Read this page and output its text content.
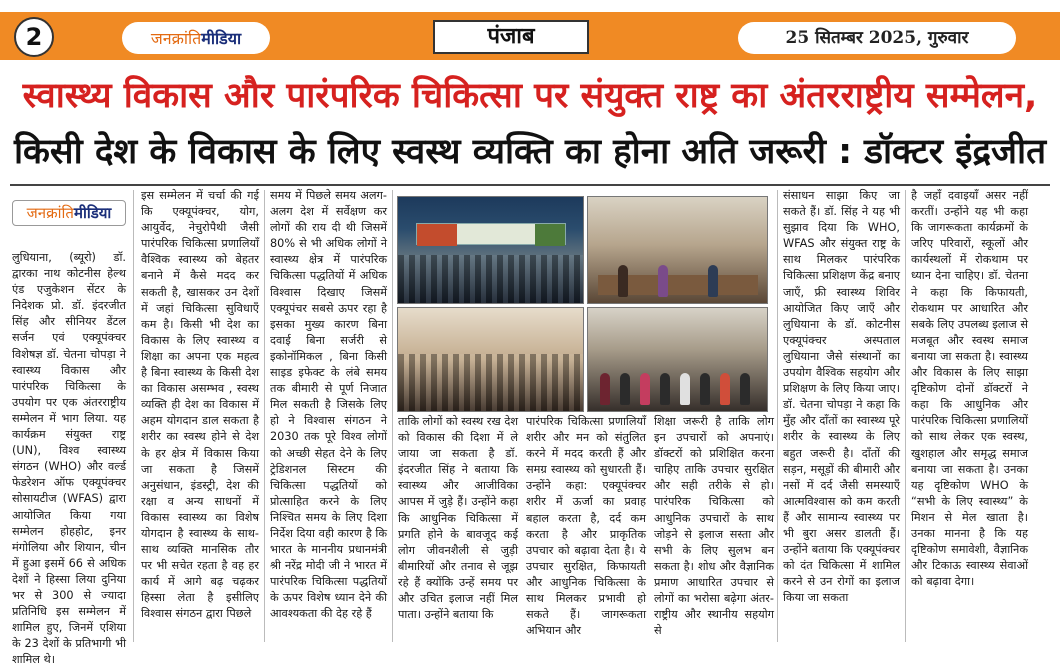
2	जनक्रांति मीडिया	पंजाब	25 सितम्बर 2025, गुरुवार
स्वास्थ्य विकास और पारंपरिक चिकित्सा पर संयुक्त राष्ट्र का अंतरराष्ट्रीय सम्मेलन,
किसी देश के विकास के लिए स्वस्थ व्यक्ति का होना अति जरूरी : डॉक्टर इंद्रजीत
जनक्रांति मीडिया

लुधियाना, (ब्यूरो) डॉ. द्वारका नाथ कोटनीस हेल्थ एंड एजुकेशन सेंटर के निदेशक प्रो. डॉ. इंदरजीत सिंह और सीनियर डेंटल सर्जन एवं एक्यूपंक्चर विशेषज्ञ डॉ. चेतना चोपड़ा ने स्वास्थ्य विकास और पारंपरिक चिकित्सा के उपयोग पर एक अंतरराष्ट्रीय सम्मेलन में भाग लिया. यह कार्यक्रम संयुक्त राष्ट्र (UN), विश्व स्वास्थ्य संगठन (WHO) और वर्ल्ड फेडरेशन ऑफ एक्यूपंक्चर सोसायटीज (WFAS) द्वारा आयोजित किया गया सम्मेलन होहहोट, इनर मंगोलिया और शियान, चीन में हुआ इसमें 66 से अधिक देशों ने हिस्सा लिया दुनिया भर से 300 से ज्यादा प्रतिनिधि इस सम्मेलन में शामिल हुए, जिनमें एशिया के 23 देशों के प्रतिभागी भी शामिल थे।

इस सम्मेलन में चर्चा की गई कि एक्यूपंक्चर, योग, आयुर्वेद, नेचुरोपैथी जैसी पारंपरिक चिकित्सा प्रणालियाँ वैश्विक स्वास्थ्य को बेहतर बनाने में कैसे मदद कर सकती है, खासकर उन देशों में जहां चिकित्सा सुविधाएँ कम है। किसी भी देश का विकास के लिए स्वास्थ्य व शिक्षा का अपना एक महत्व है बिना स्वास्थ्य के किसी देश का विकास असम्भव , स्वस्थ व्यक्ति ही देश का विकास में अहम योगदान डाल सकता है शरीर का स्वस्थ होने से देश के हर क्षेत्र में विकास किया जा सकता है जिसमें अनुसंधान, इंडस्ट्री, देश की रक्षा व अन्य साधनों में विकास स्वास्थ्य का विशेष योगदान है स्वास्थ्य के साथ-साथ व्यक्ति मानसिक तौर पर भी सचेत रहता है वह हर कार्य में आगे बढ़ चढ़कर हिस्सा लेता है इसीलिए विश्वास संगठन द्वारा पिछले

समय में पिछले समय अलग-अलग देश में सर्वेक्षण कर लोगों की राय दी थी जिसमें 80% से भी अधिक लोगों ने स्वास्थ्य क्षेत्र में पारंपरिक चिकित्सा पद्धतियों में अधिक विश्वास दिखाए जिसमें एक्यूपंचर सबसे ऊपर रहा है इसका मुख्य कारण बिना दवाई बिना सर्जरी से इकोनॉमिकल , बिना किसी साइड इफेक्ट के लंबे समय तक बीमारी से पूर्ण निजात मिल सकती है जिसके लिए हो ने विश्वास संगठन ने 2030 तक पूरे विश्व लोगों को अच्छी सेहत देने के लिए ट्रेडिशनल सिस्टम की चिकित्सा पद्धतियों को प्रोत्साहित करने के लिए निश्चित समय के लिए दिशा निर्देश दिया वही कारण है कि भारत के माननीय प्रधानमंत्री श्री नरेंद्र मोदी जी ने भारत में पारंपरिक चिकित्सा पद्धतियों के ऊपर विशेष ध्यान देने की आवश्यकता की देह रहे हैं

ताकि लोगों को स्वस्थ रख देश को विकास की दिशा में ले जाया जा सकता है डॉ. इंदरजीत सिंह ने बताया कि स्वास्थ्य और आजीविका आपस में जुड़े हैं। उन्होंने कहा कि आधुनिक चिकित्सा में प्रगति होने के बावजूद कई लोग जीवनशैली से जुड़ी बीमारियों और तनाव से जूझ रहे हैं क्योंकि उन्हें समय पर और उचित इलाज नहीं मिल पाता। उन्होंने बताया कि

पारंपरिक चिकित्सा प्रणालियाँ शरीर और मन को संतुलित करने में मदद करती हैं और समग्र स्वास्थ्य को सुधारती हैं। उन्होंने कहा: एक्यूपंक्चर शरीर में ऊर्जा का प्रवाह बहाल करता है, दर्द कम करता है और प्राकृतिक उपचार को बढ़ावा देता है। ये उपचार सुरक्षित, किफायती और आधुनिक चिकित्सा के साथ मिलकर प्रभावी हो सकते हैं। जागरूकता अभियान और

शिक्षा जरूरी है ताकि लोग इन उपचारों को अपनाएं। डॉक्टरों को प्रशिक्षित करना चाहिए ताकि उपचार सुरक्षित और सही तरीके से हो। पारंपरिक चिकित्सा को आधुनिक उपचारों के साथ जोड़ने से इलाज सस्ता और सभी के लिए सुलभ बन सकता है। शोध और वैज्ञानिक प्रमाण आधारित उपचार से लोगों का भरोसा बढ़ेगा अंतर-राष्ट्रीय और स्थानीय सहयोग से

संसाधन साझा किए जा सकते हैं। डॉ. सिंह ने यह भी सुझाव दिया कि WHO, WFAS और संयुक्त राष्ट्र के साथ मिलकर पारंपरिक चिकित्सा प्रशिक्षण केंद्र बनाए जाएँ, फ्री स्वास्थ्य शिविर आयोजित किए जाएँ और लुधियाना के डॉ. कोटनीस एक्यूपंक्चर अस्पताल लुधियाना जैसे संस्थानों का उपयोग वैश्विक सहयोग और प्रशिक्षण के लिए किया जाए। डॉ. चेतना चोपड़ा ने कहा कि मुँह और दाँतों का स्वास्थ्य पूरे शरीर के स्वास्थ्य के लिए बहुत जरूरी है। दाँतों की सड़न, मसूड़ों की बीमारी और नसों में दर्द जैसी समस्याएँ आत्मविश्वास को कम करती हैं और सामान्य स्वास्थ्य पर भी बुरा असर डालती हैं। उन्होंने बताया कि एक्यूपंक्चर को दंत चिकित्सा में शामिल करने से उन रोगों का इलाज किया जा सकता

है जहाँ दवाइयाँ असर नहीं करतीं। उन्होंने यह भी कहा कि जागरूकता कार्यक्रमों के जरिए परिवारों, स्कूलों और कार्यस्थलों में रोकथाम पर ध्यान देना चाहिए। डॉ. चेतना ने कहा कि किफायती, रोकथाम पर आधारित और सबके लिए उपलब्ध इलाज से मजबूत और स्वस्थ समाज बनाया जा सकता है। स्वास्थ्य और विकास के लिए साझा दृष्टिकोण दोनों डॉक्टरों ने कहा कि आधुनिक और पारंपरिक चिकित्सा प्रणालियों को साथ लेकर एक स्वस्थ, खुशहाल और समृद्ध समाज बनाया जा सकता है। उनका यह दृष्टिकोण WHO के “सभी के लिए स्वास्थ्य” के मिशन से मेल खाता है। उनका मानना है कि यह दृष्टिकोण समावेशी, वैज्ञानिक और टिकाऊ स्वास्थ्य सेवाओं को बढ़ावा देगा।
